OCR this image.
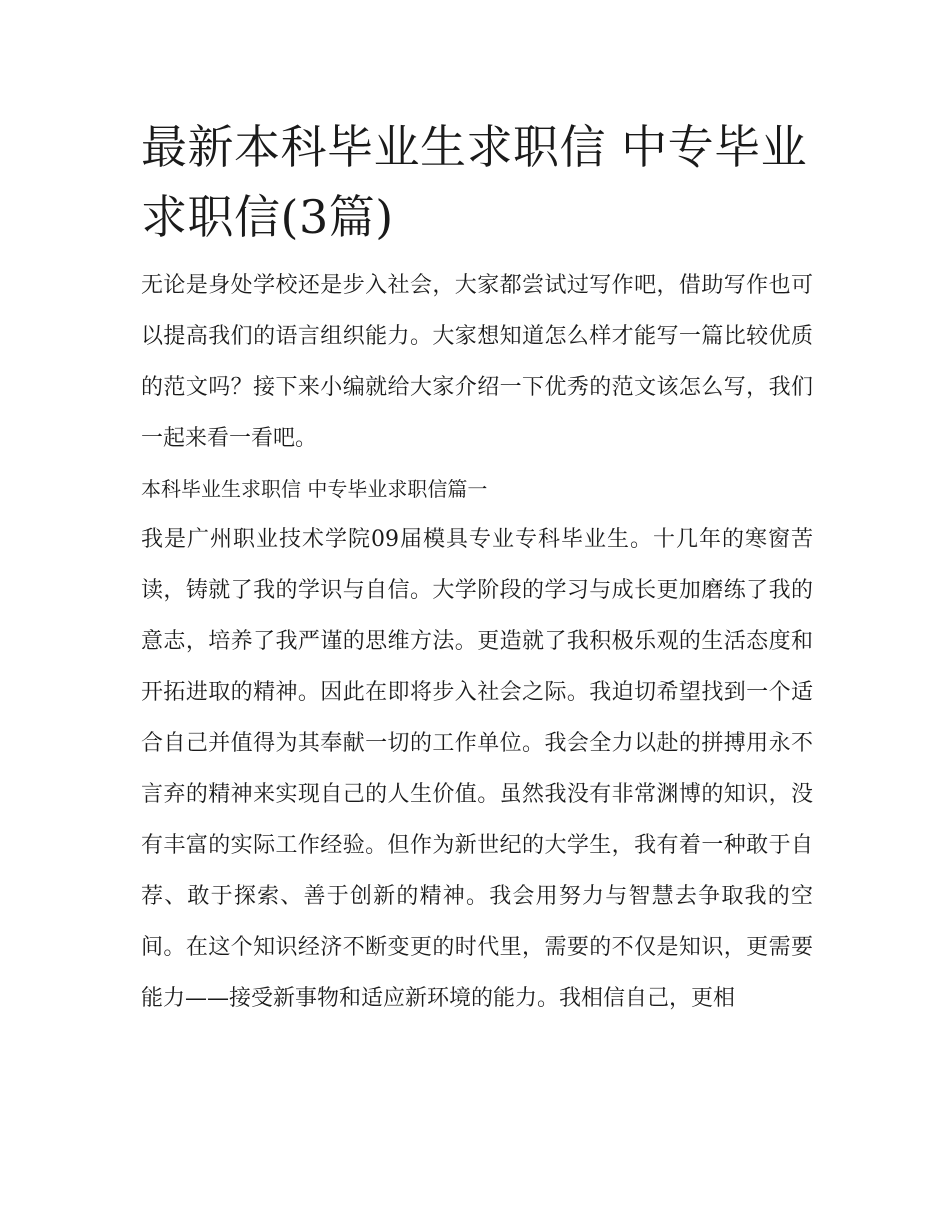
最新本科毕业生求职信 中专毕业求职信(3篇)

无论是身处学校还是步入社会，大家都尝试过写作吧，借助写作也可以提高我们的语言组织能力。大家想知道怎么样才能写一篇比较优质的范文吗？接下来小编就给大家介绍一下优秀的范文该怎么写，我们一起来看一看吧。

本科毕业生求职信 中专毕业求职信篇一

我是广州职业技术学院09届模具专业专科毕业生。十几年的寒窗苦读，铸就了我的学识与自信。大学阶段的学习与成长更加磨练了我的意志，培养了我严谨的思维方法。更造就了我积极乐观的生活态度和开拓进取的精神。因此在即将步入社会之际。我迫切希望找到一个适合自己并值得为其奉献一切的工作单位。我会全力以赴的拼搏用永不言弃的精神来实现自己的人生价值。虽然我没有非常渊博的知识，没有丰富的实际工作经验。但作为新世纪的大学生，我有着一种敢于自荐、敢于探索、善于创新的精神。我会用努力与智慧去争取我的空间。在这个知识经济不断变更的时代里，需要的不仅是知识，更需要能力——接受新事物和适应新环境的能力。我相信自己，更相
